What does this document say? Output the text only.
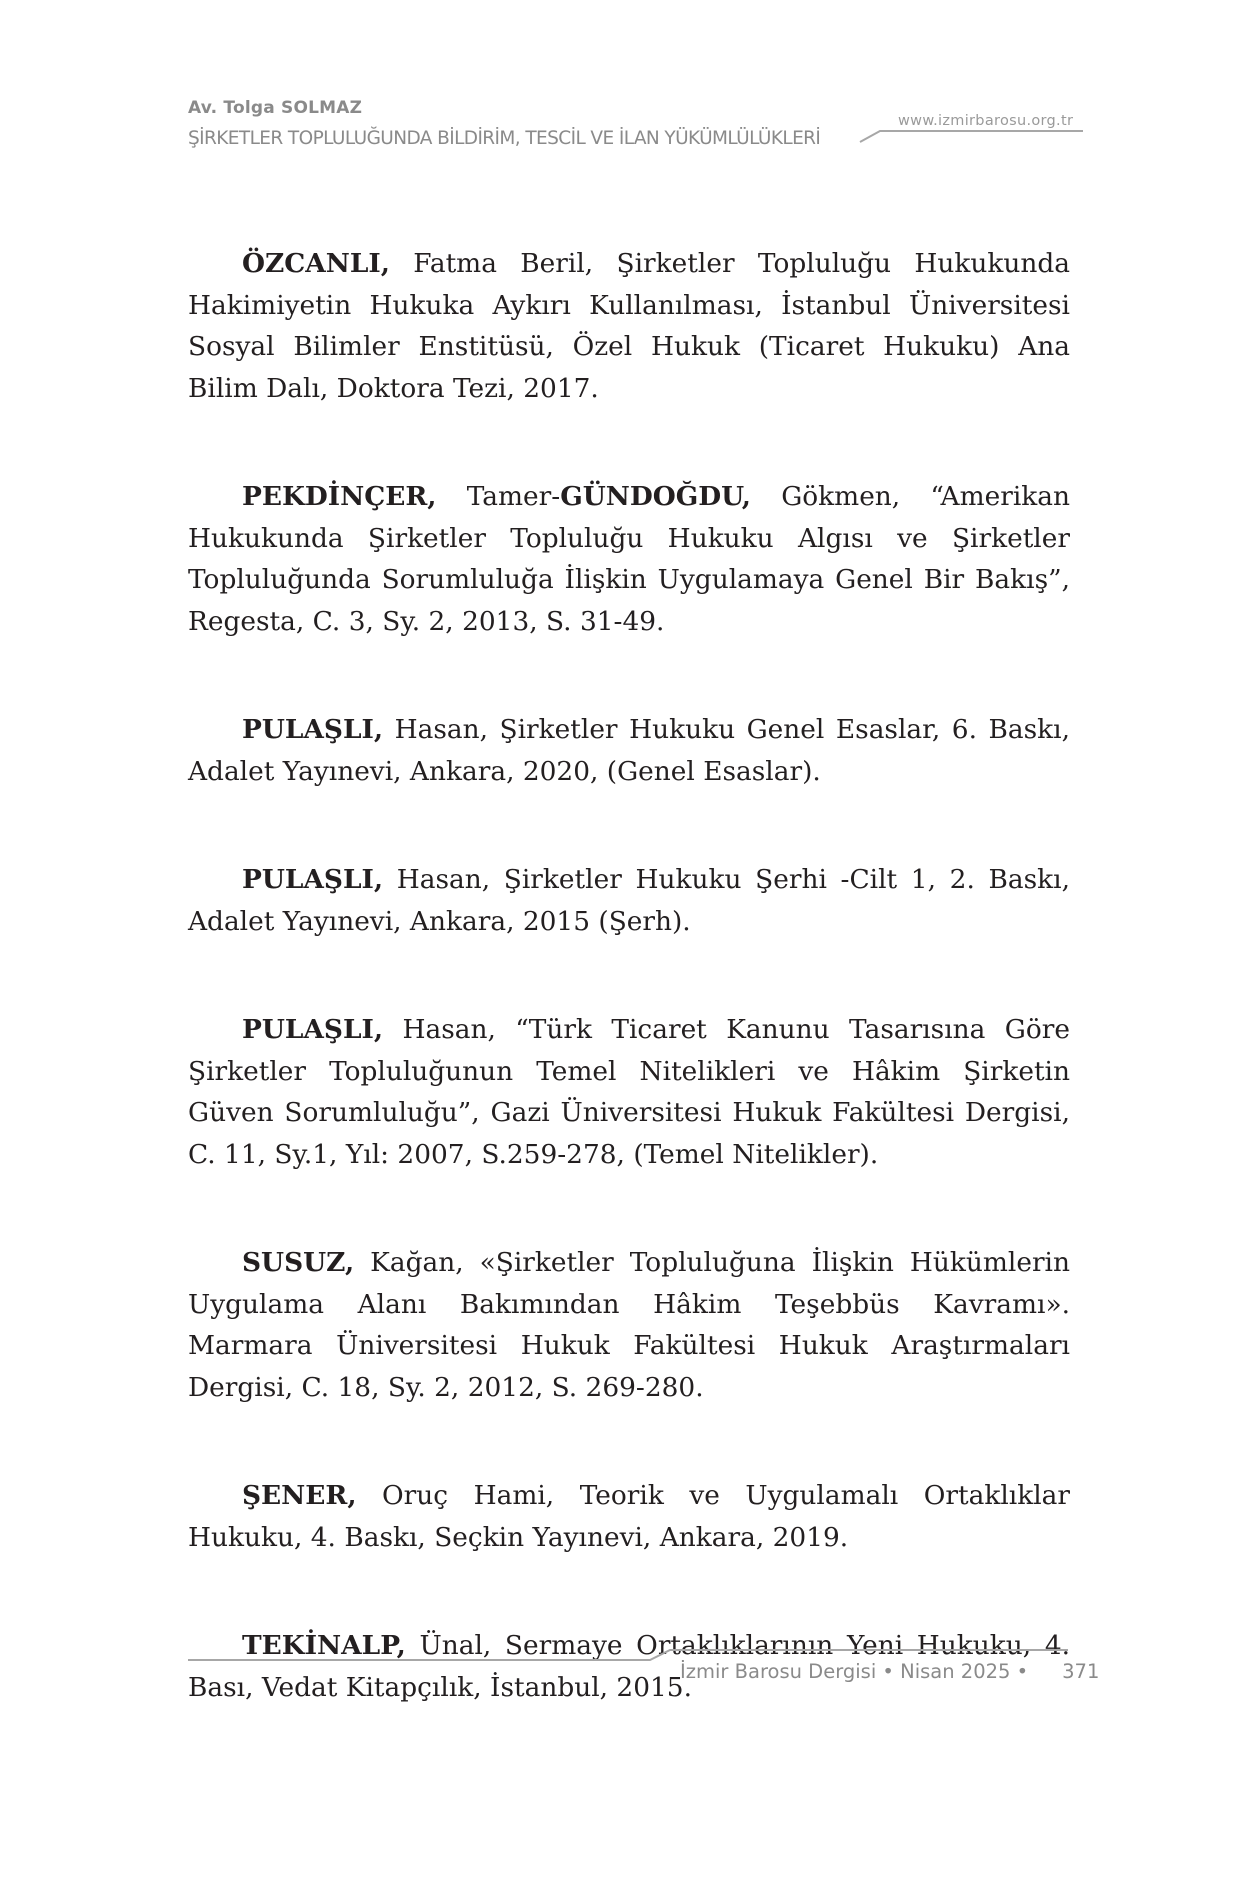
Av. Tolga SOLMAZ
ŞİRKETLER TOPLULUĞUNDA BİLDİRİM, TESCİL VE İLAN YÜKÜMLÜLÜKLERİ
www.izmirbarosu.org.tr

ÖZCANLI, Fatma Beril, Şirketler Topluluğu Hukukunda Hakimiyetin Hukuka Aykırı Kullanılması, İstanbul Üniversitesi Sosyal Bilimler Enstitüsü, Özel Hukuk (Ticaret Hukuku) Ana Bilim Dalı, Doktora Tezi, 2017.

PEKDİNÇER, Tamer-GÜNDOĞDU, Gökmen, “Amerikan Hukukunda Şirketler Topluluğu Hukuku Algısı ve Şirketler Topluluğunda Sorumluluğa İlişkin Uygulamaya Genel Bir Bakış”, Regesta, C. 3, Sy. 2, 2013, S. 31-49.

PULAŞLI, Hasan, Şirketler Hukuku Genel Esaslar, 6. Baskı, Adalet Yayınevi, Ankara, 2020, (Genel Esaslar).

PULAŞLI, Hasan, Şirketler Hukuku Şerhi -Cilt 1, 2. Baskı, Adalet Yayınevi, Ankara, 2015 (Şerh).

PULAŞLI, Hasan, “Türk Ticaret Kanunu Tasarısına Göre Şirketler Topluluğunun Temel Nitelikleri ve Hâkim Şirketin Güven Sorumluluğu”, Gazi Üniversitesi Hukuk Fakültesi Dergisi, C. 11, Sy.1, Yıl: 2007, S.259-278, (Temel Nitelikler).

SUSUZ, Kağan, «Şirketler Topluluğuna İlişkin Hükümlerin Uygulama Alanı Bakımından Hâkim Teşebbüs Kavramı». Marmara Üniversitesi Hukuk Fakültesi Hukuk Araştırmaları Dergisi, C. 18, Sy. 2, 2012, S. 269-280.

ŞENER, Oruç Hami, Teorik ve Uygulamalı Ortaklıklar Hukuku, 4. Baskı, Seçkin Yayınevi, Ankara, 2019.

TEKİNALP, Ünal, Sermaye Ortaklıklarının Yeni Hukuku, 4. Bası, Vedat Kitapçılık, İstanbul, 2015.

İzmir Barosu Dergisi • Nisan 2025 • 371
